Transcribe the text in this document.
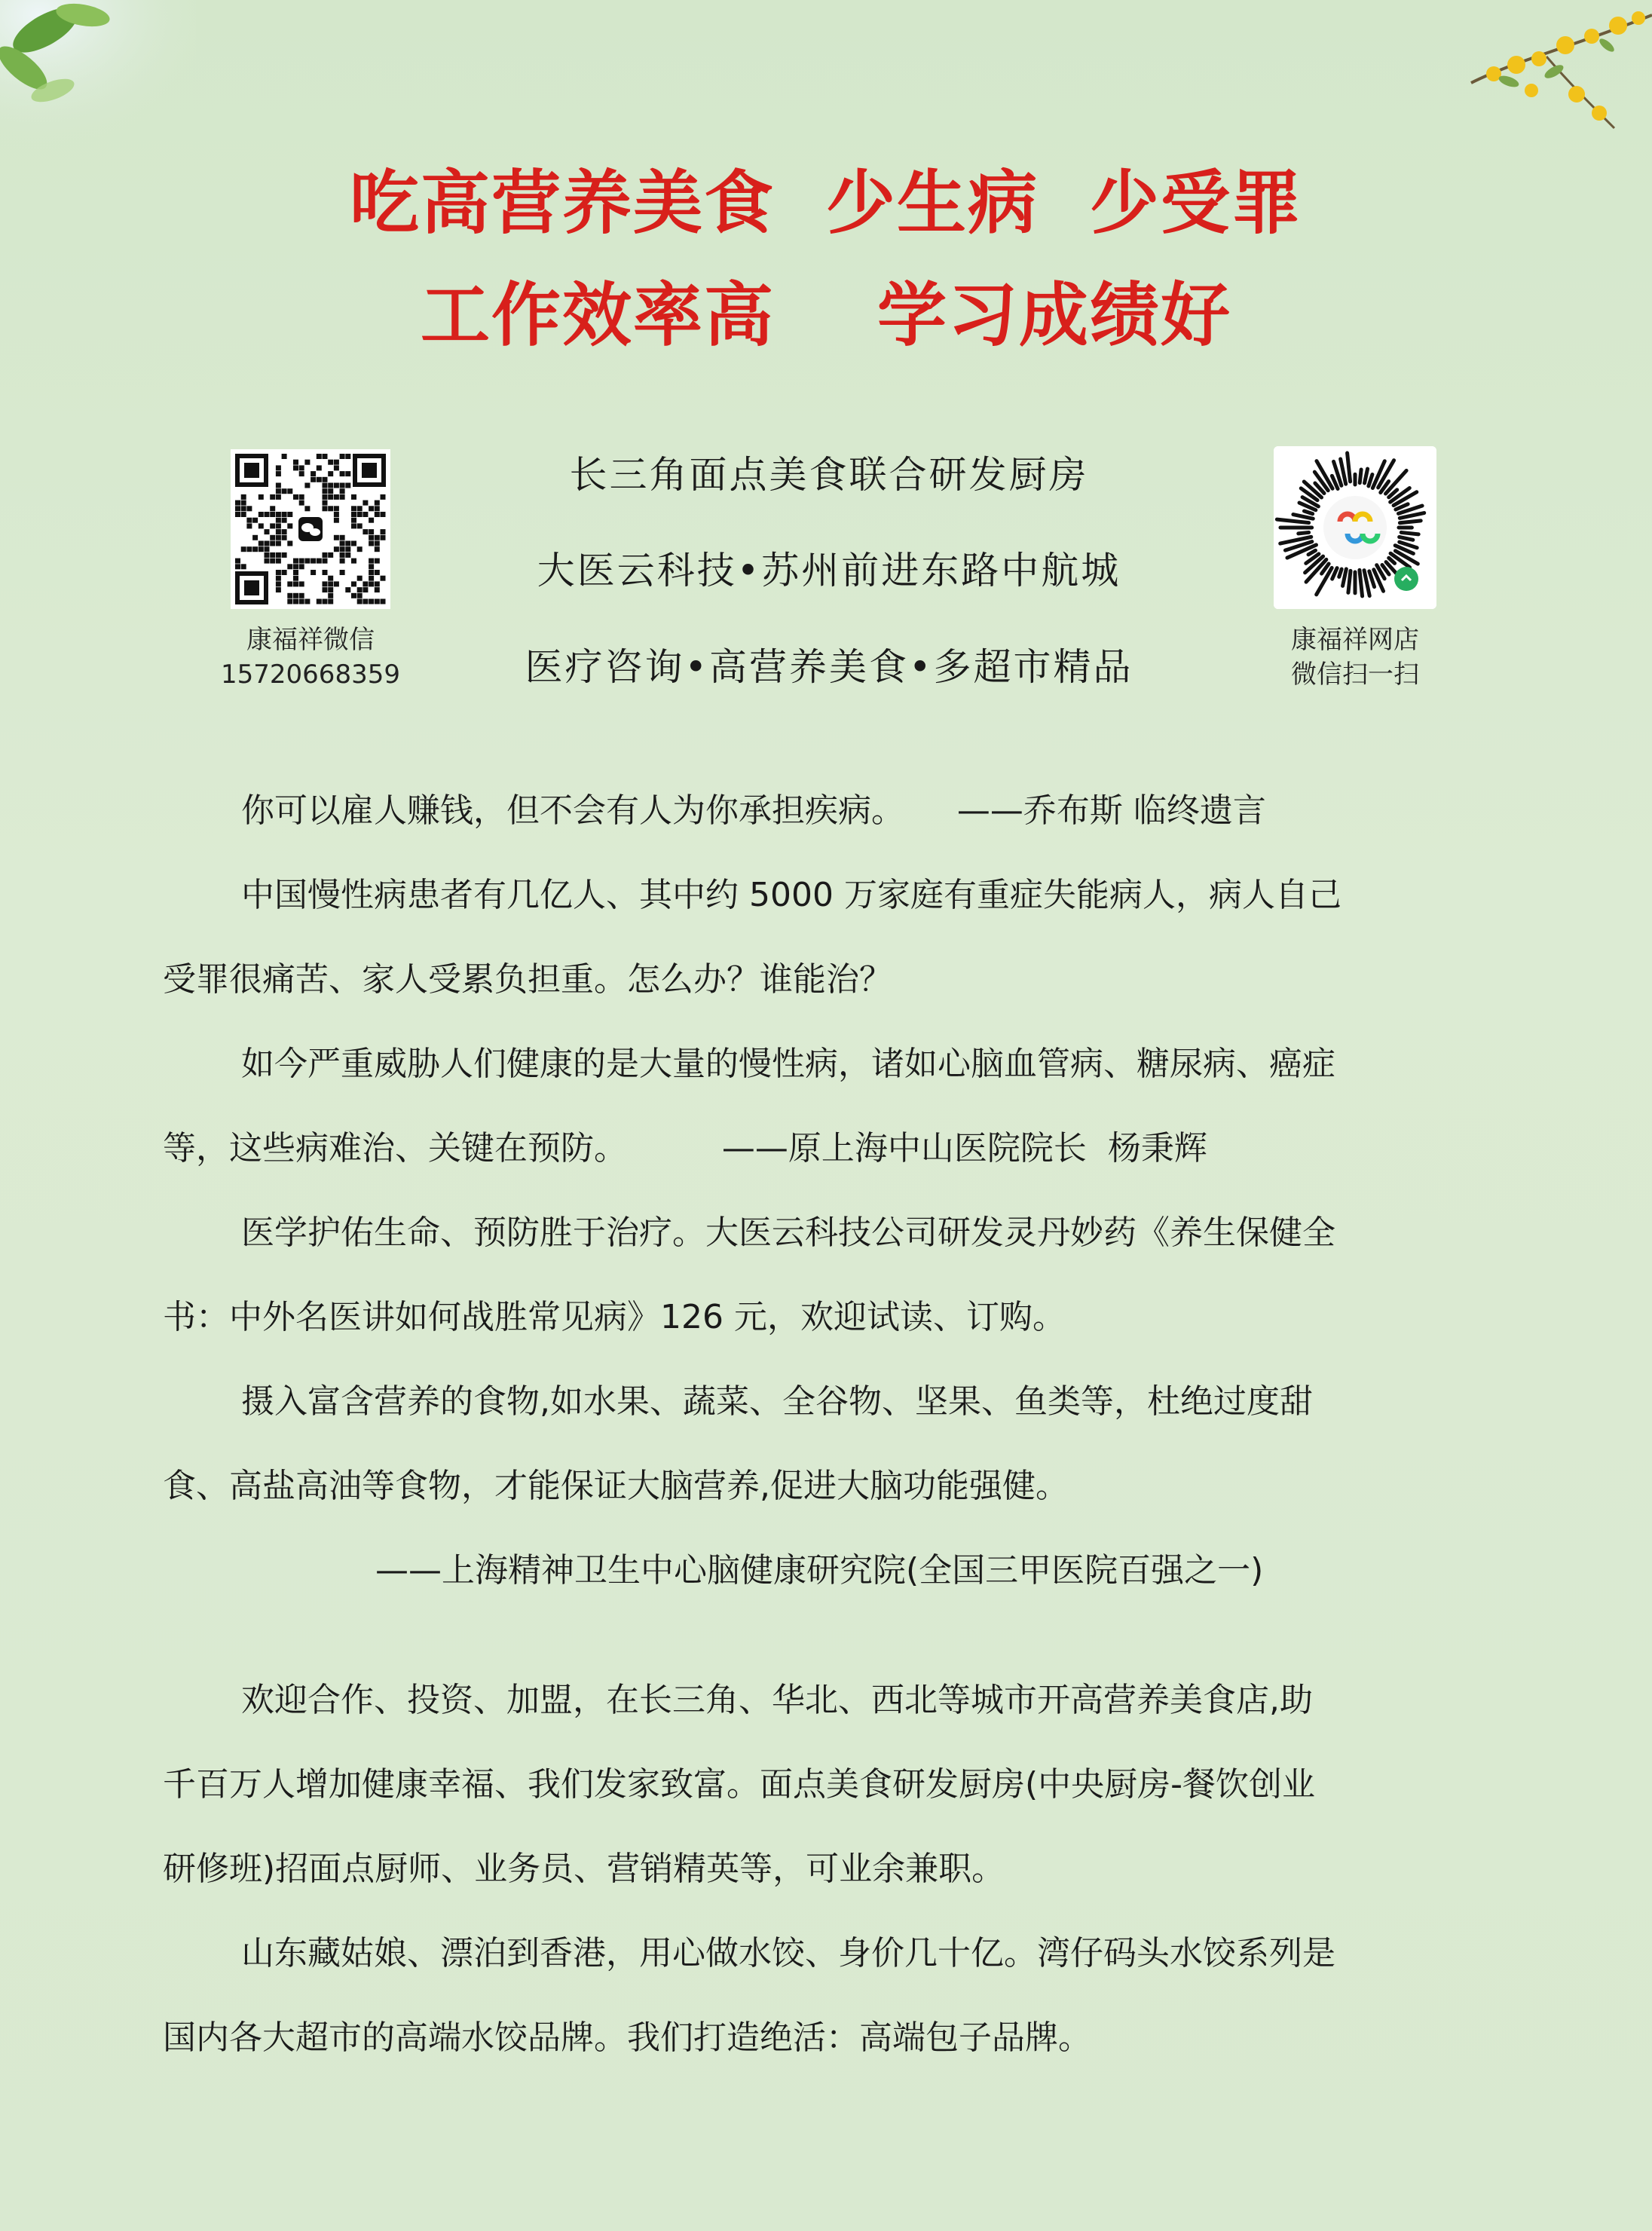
吃高营养美食  少生病  少受罪
工作效率高    学习成绩好
康福祥微信
15720668359
康福祥网店
微信扫一扫
长三角面点美食联合研发厨房
大医云科技•苏州前进东路中航城
医疗咨询•高营养美食•多超市精品
你可以雇人赚钱，但不会有人为你承担疾病。     ——乔布斯 临终遗言
中国慢性病患者有几亿人、其中约 5000 万家庭有重症失能病人，病人自己
受罪很痛苦、家人受累负担重。怎么办？谁能治？
如今严重威胁人们健康的是大量的慢性病，诸如心脑血管病、糖尿病、癌症
等，这些病难治、关键在预防。         ——原上海中山医院院长  杨秉辉
医学护佑生命、预防胜于治疗。大医云科技公司研发灵丹妙药《养生保健全
书：中外名医讲如何战胜常见病》126 元，欢迎试读、订购。
摄入富含营养的食物,如水果、蔬菜、全谷物、坚果、鱼类等，杜绝过度甜
食、高盐高油等食物，才能保证大脑营养,促进大脑功能强健。
——上海精神卫生中心脑健康研究院(全国三甲医院百强之一)
欢迎合作、投资、加盟，在长三角、华北、西北等城市开高营养美食店,助
千百万人增加健康幸福、我们发家致富。面点美食研发厨房(中央厨房-餐饮创业
研修班)招面点厨师、业务员、营销精英等，可业余兼职。
山东藏姑娘、漂泊到香港，用心做水饺、身价几十亿。湾仔码头水饺系列是
国内各大超市的高端水饺品牌。我们打造绝活：高端包子品牌。
